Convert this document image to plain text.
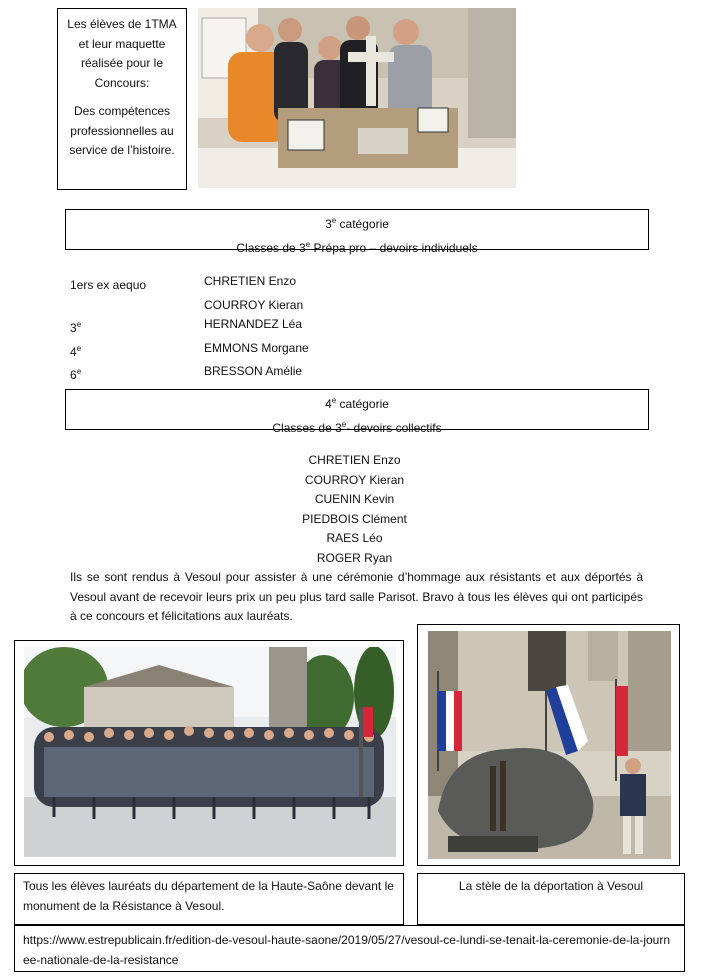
Les élèves de 1TMA et leur maquette réalisée pour le Concours:

Des compétences professionnelles au service de l’histoire.

3e catégorie
Classes de 3e Prépa pro – devoirs individuels
1ers ex aequo	CHRETIEN Enzo
COURROY Kieran
3e	HERNANDEZ Léa
4e	EMMONS Morgane
6e	BRESSON Amélie
4e catégorie
Classes de 3e- devoirs collectifs
CHRETIEN Enzo
COURROY Kieran
CUENIN Kevin
PIEDBOIS Clément
RAES Léo
ROGER Ryan
Ils se sont rendus à Vesoul pour assister à une cérémonie d’hommage aux résistants et aux déportés à Vesoul avant de recevoir leurs prix un peu plus tard salle Parisot. Bravo à tous les élèves qui ont participés à ce concours et félicitations aux lauréats.
Tous les élèves lauréats du département de la Haute-Saône devant le monument de la Résistance à Vesoul.
La stèle de la déportation à Vesoul
https://www.estrepublicain.fr/edition-de-vesoul-haute-saone/2019/05/27/vesoul-ce-lundi-se-tenait-la-ceremonie-de-la-journee-nationale-de-la-resistance
